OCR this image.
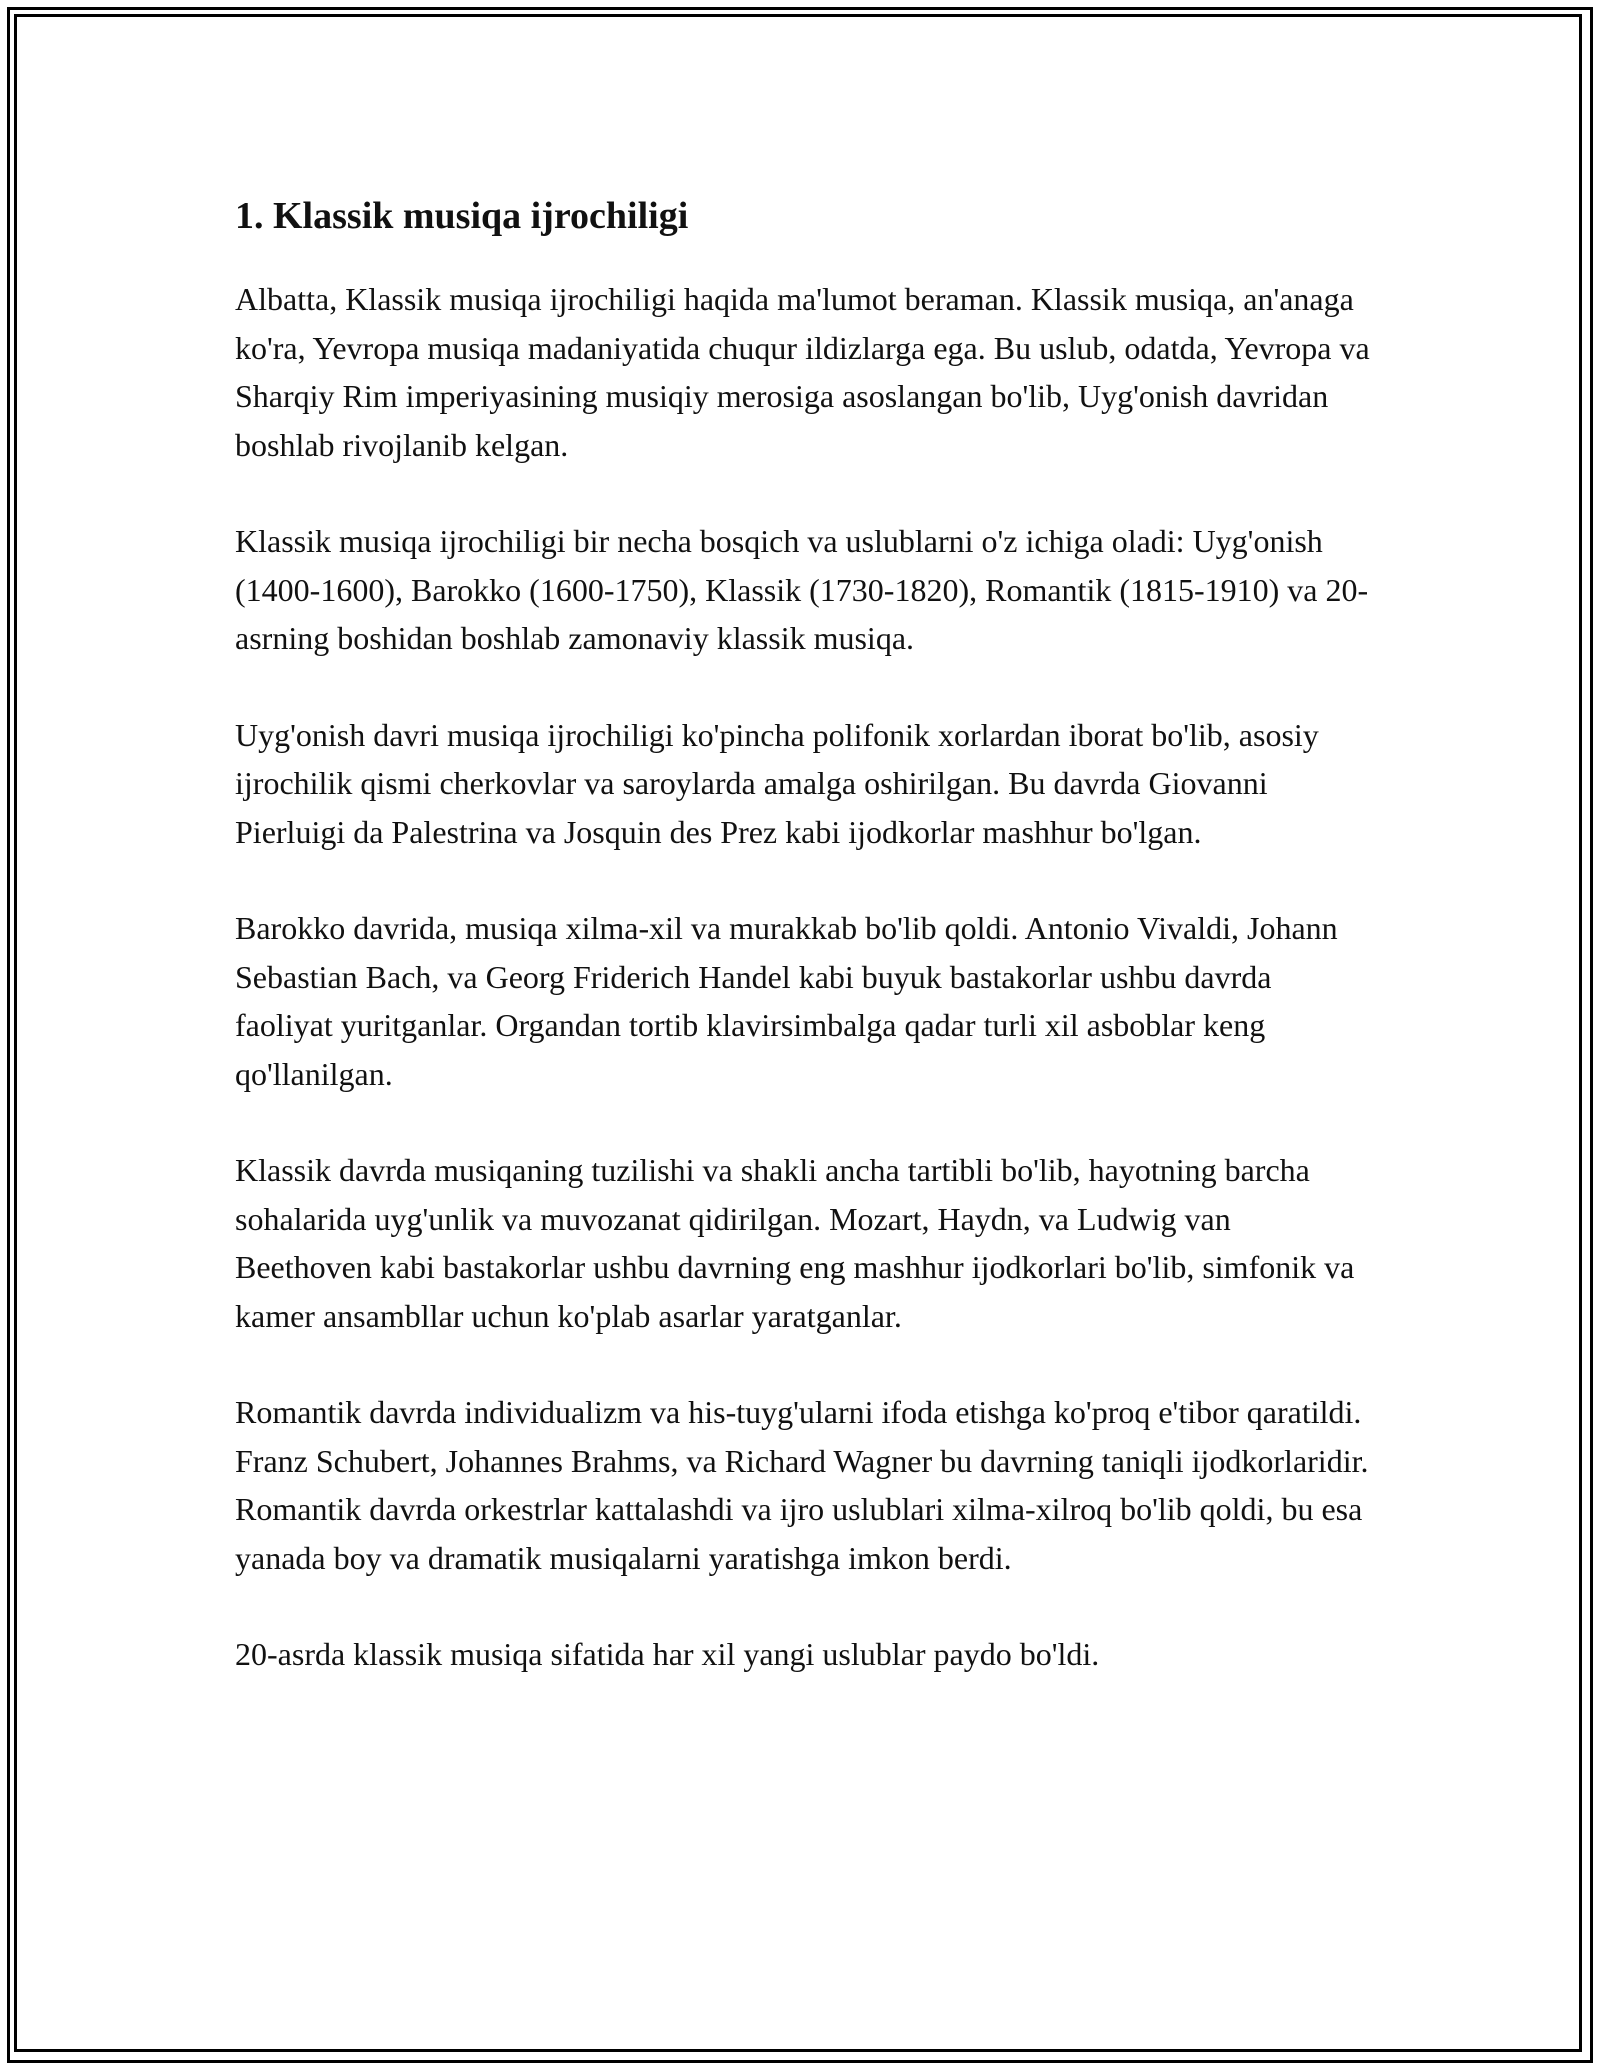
1. Klassik musiqa ijrochiligi

Albatta, Klassik musiqa ijrochiligi haqida ma'lumot beraman. Klassik musiqa, an'anaga ko'ra, Yevropa musiqa madaniyatida chuqur ildizlarga ega. Bu uslub, odatda, Yevropa va Sharqiy Rim imperiyasining musiqiy merosiga asoslangan bo'lib, Uyg'onish davridan boshlab rivojlanib kelgan.

Klassik musiqa ijrochiligi bir necha bosqich va uslublarni o'z ichiga oladi: Uyg'onish (1400-1600), Barokko (1600-1750), Klassik (1730-1820), Romantik (1815-1910) va 20-asrning boshidan boshlab zamonaviy klassik musiqa.

Uyg'onish davri musiqa ijrochiligi ko'pincha polifonik xorlardan iborat bo'lib, asosiy ijrochilik qismi cherkovlar va saroylarda amalga oshirilgan. Bu davrda Giovanni Pierluigi da Palestrina va Josquin des Prez kabi ijodkorlar mashhur bo'lgan.

Barokko davrida, musiqa xilma-xil va murakkab bo'lib qoldi. Antonio Vivaldi, Johann Sebastian Bach, va Georg Friderich Handel kabi buyuk bastakorlar ushbu davrda faoliyat yuritganlar. Organdan tortib klavirsimbalga qadar turli xil asboblar keng qo'llanilgan.

Klassik davrda musiqaning tuzilishi va shakli ancha tartibli bo'lib, hayotning barcha sohalarida uyg'unlik va muvozanat qidirilgan. Mozart, Haydn, va Ludwig van Beethoven kabi bastakorlar ushbu davrning eng mashhur ijodkorlari bo'lib, simfonik va kamer ansambllar uchun ko'plab asarlar yaratganlar.

Romantik davrda individualizm va his-tuyg'ularni ifoda etishga ko'proq e'tibor qaratildi. Franz Schubert, Johannes Brahms, va Richard Wagner bu davrning taniqli ijodkorlaridir. Romantik davrda orkestrlar kattalashdi va ijro uslublari xilma-xilroq bo'lib qoldi, bu esa yanada boy va dramatik musiqalarni yaratishga imkon berdi.

20-asrda klassik musiqa sifatida har xil yangi uslublar paydo bo'ldi.
